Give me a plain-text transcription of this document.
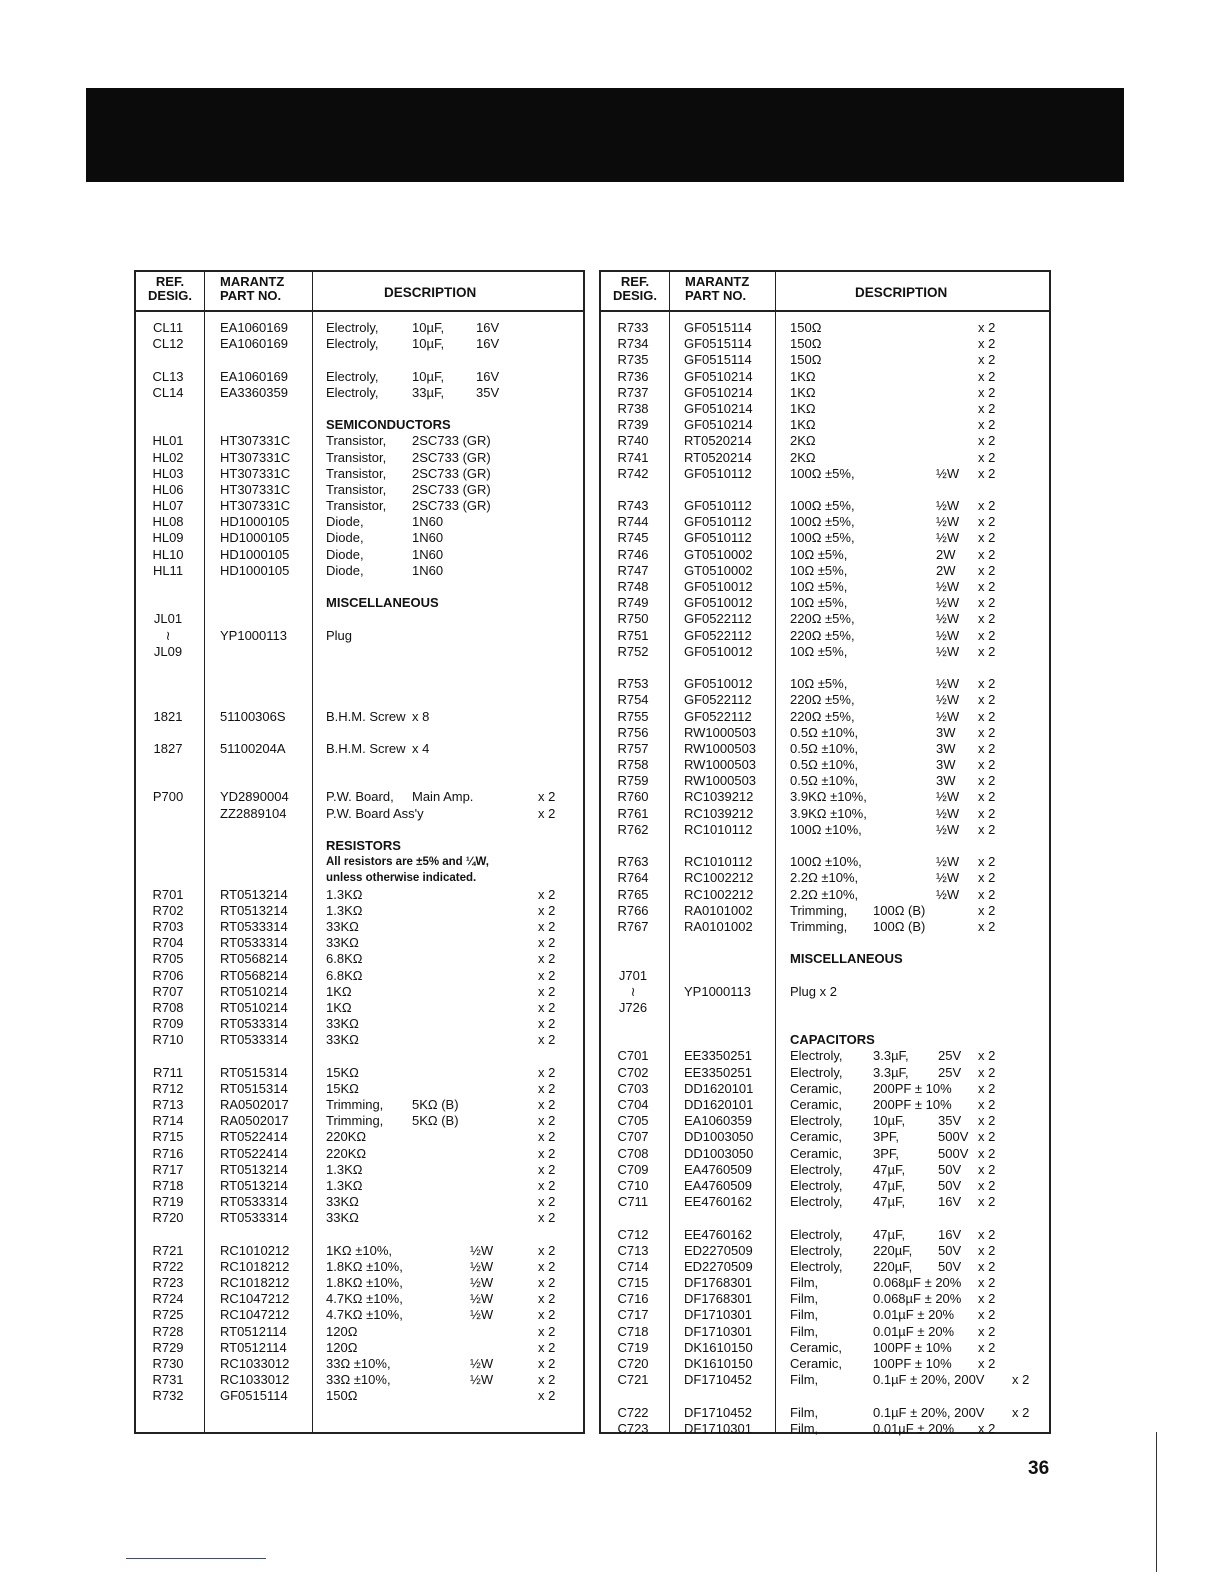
REF.
DESIG.
MARANTZ
PART NO.	DESCRIPTION
CL11	EA1060169	Electroly,	10µF, 16V
CL12	EA1060169	Electroly,	10µF, 16V
CL13	EA1060169	Electroly,	10µF, 16V
CL14	EA3360359	Electroly,	33µF, 35V
SEMICONDUCTORS
HL01	HT307331C	Transistor, 2SC733 (GR)
HL02	HT307331C	Transistor, 2SC733 (GR)
HL03	HT307331C	Transistor, 2SC733 (GR)
HL06	HT307331C	Transistor, 2SC733 (GR)
HL07	HT307331C	Transistor, 2SC733 (GR)
HL08	HD1000105	Diode,	1N60
HL09	HD1000105	Diode,	1N60
HL10	HD1000105	Diode,	1N60
HL11	HD1000105	Diode,	1N60
MISCELLANEOUS
JL01
≀	YP1000113	Plug
JL09
1821	51100306S	B.H.M. Screw x 8
1827	51100204A	B.H.M. Screw x 4
P700	YD2890004	P.W. Board, Main Amp.	x 2
ZZ2889104	P.W. Board Ass'y	x 2
RESISTORS
All resistors are ±5% and ¼W,
unless otherwise indicated.
R701	RT0513214	1.3KΩ	x 2
R702	RT0513214	1.3KΩ	x 2
R703	RT0533314	33KΩ	x 2
R704	RT0533314	33KΩ	x 2
R705	RT0568214	6.8KΩ	x 2
R706	RT0568214	6.8KΩ	x 2
R707	RT0510214	1KΩ	x 2
R708	RT0510214	1KΩ	x 2
R709	RT0533314	33KΩ	x 2
R710	RT0533314	33KΩ	x 2
R711	RT0515314	15KΩ	x 2
R712	RT0515314	15KΩ	x 2
R713	RA0502017	Trimming, 5KΩ (B)	x 2
R714	RA0502017	Trimming, 5KΩ (B)	x 2
R715	RT0522414	220KΩ	x 2
R716	RT0522414	220KΩ	x 2
R717	RT0513214	1.3KΩ	x 2
R718	RT0513214	1.3KΩ	x 2
R719	RT0533314	33KΩ	x 2
R720	RT0533314	33KΩ	x 2
R721	RC1010212	1KΩ ±10%,	½W	x 2
R722	RC1018212	1.8KΩ ±10%,	½W	x 2
R723	RC1018212	1.8KΩ ±10%,	½W	x 2
R724	RC1047212	4.7KΩ ±10%,	½W	x 2
R725	RC1047212	4.7KΩ ±10%,	½W	x 2
R728	RT0512114	120Ω	x 2
R729	RT0512114	120Ω	x 2
R730	RC1033012	33Ω ±10%,	½W	x 2
R731	RC1033012	33Ω ±10%,	½W	x 2
R732	GF0515114	150Ω	x 2
REF.
DESIG.
MARANTZ
PART NO.	DESCRIPTION
R733	GF0515114	150Ω	x 2
R734	GF0515114	150Ω	x 2
R735	GF0515114	150Ω	x 2
R736	GF0510214	1KΩ	x 2
R737	GF0510214	1KΩ	x 2
R738	GF0510214	1KΩ	x 2
R739	GF0510214	1KΩ	x 2
R740	RT0520214	2KΩ	x 2
R741	RT0520214	2KΩ	x 2
R742	GF0510112	100Ω ±5%,	½W x 2
R743	GF0510112	100Ω ±5%,	½W x 2
R744	GF0510112	100Ω ±5%,	½W x 2
R745	GF0510112	100Ω ±5%,	½W x 2
R746	GT0510002	10Ω ±5%,	2W x 2
R747	GT0510002	10Ω ±5%,	2W x 2
R748	GF0510012	10Ω ±5%,	½W x 2
R749	GF0510012	10Ω ±5%,	½W x 2
R750	GF0522112	220Ω ±5%,	½W x 2
R751	GF0522112	220Ω ±5%,	½W x 2
R752	GF0510012	10Ω ±5%,	½W x 2
R753	GF0510012	10Ω ±5%,	½W x 2
R754	GF0522112	220Ω ±5%,	½W x 2
R755	GF0522112	220Ω ±5%,	½W x 2
R756	RW1000503	0.5Ω ±10%,	3W x 2
R757	RW1000503	0.5Ω ±10%,	3W x 2
R758	RW1000503	0.5Ω ±10%,	3W x 2
R759	RW1000503	0.5Ω ±10%,	3W x 2
R760	RC1039212	3.9KΩ ±10%,	½W x 2
R761	RC1039212	3.9KΩ ±10%,	½W x 2
R762	RC1010112	100Ω ±10%,	½W x 2
R763	RC1010112	100Ω ±10%,	½W x 2
R764	RC1002212	2.2Ω ±10%,	½W x 2
R765	RC1002212	2.2Ω ±10%,	½W x 2
R766	RA0101002	Trimming, 100Ω (B)	x 2
R767	RA0101002	Trimming, 100Ω (B)	x 2
MISCELLANEOUS
J701
≀	YP1000113	Plug x 2
J726
CAPACITORS
C701	EE3350251	Electroly, 3.3µF, 25V x 2
C702	EE3350251	Electroly, 3.3µF, 25V x 2
C703	DD1620101	Ceramic, 200PF ± 10% x 2
C704	DD1620101	Ceramic, 200PF ± 10% x 2
C705	EA1060359	Electroly, 10µF,	35V x 2
C707	DD1003050	Ceramic, 3PF,	500V x 2
C708	DD1003050	Ceramic, 3PF,	500V x 2
C709	EA4760509	Electroly, 47µF,	50V x 2
C710	EA4760509	Electroly, 47µF,	50V x 2
C711	EE4760162	Electroly, 47µF,	16V x 2
C712	EE4760162	Electroly, 47µF,	16V x 2
C713	ED2270509	Electroly, 220µF, 50V x 2
C714	ED2270509	Electroly, 220µF, 50V x 2
C715	DF1768301	Film,	0.068µF ± 20% x 2
C716	DF1768301	Film,	0.068µF ± 20% x 2
C717	DF1710301	Film,	0.01µF ± 20% x 2
C718	DF1710301	Film,	0.01µF ± 20% x 2
C719	DK1610150	Ceramic, 100PF ± 10% x 2
C720	DK1610150	Ceramic, 100PF ± 10% x 2
C721	DF1710452	Film,	0.1µF ± 20%, 200V x 2
C722	DF1710452	Film,	0.1µF ± 20%, 200V x 2
C723	DF1710301	Film,	0.01µF ± 20% x 2
36
